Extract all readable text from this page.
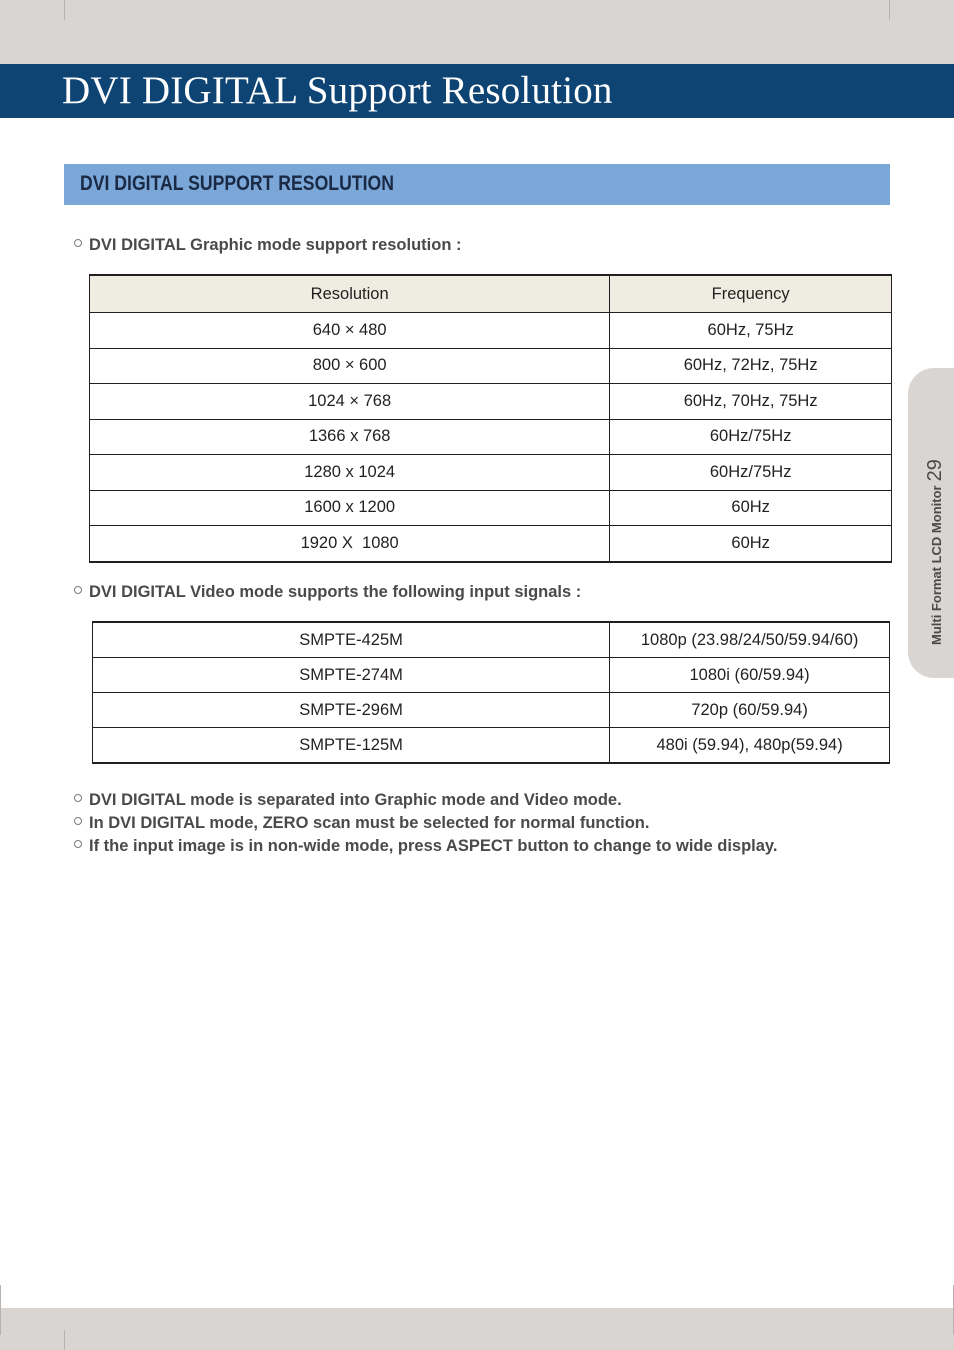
DVI DIGITAL Support Resolution
DVI DIGITAL SUPPORT RESOLUTION
DVI DIGITAL Graphic mode support resolution :
Resolution	Frequency
640 × 480	60Hz, 75Hz
800 × 600	60Hz, 72Hz, 75Hz
1024 × 768	60Hz, 70Hz, 75Hz
1366 x 768	60Hz/75Hz
1280 x 1024	60Hz/75Hz
1600 x 1200	60Hz
1920 X  1080	60Hz
DVI DIGITAL Video mode supports the following input signals :
SMPTE-425M	1080p (23.98/24/50/59.94/60)
SMPTE-274M	1080i (60/59.94)
SMPTE-296M	720p (60/59.94)
SMPTE-125M	480i (59.94), 480p(59.94)
DVI DIGITAL mode is separated into Graphic mode and Video mode.
In DVI DIGITAL mode, ZERO scan must be selected for normal function.
If the input image is in non-wide mode, press ASPECT button to change to wide display.
Multi Format LCD Monitor29
